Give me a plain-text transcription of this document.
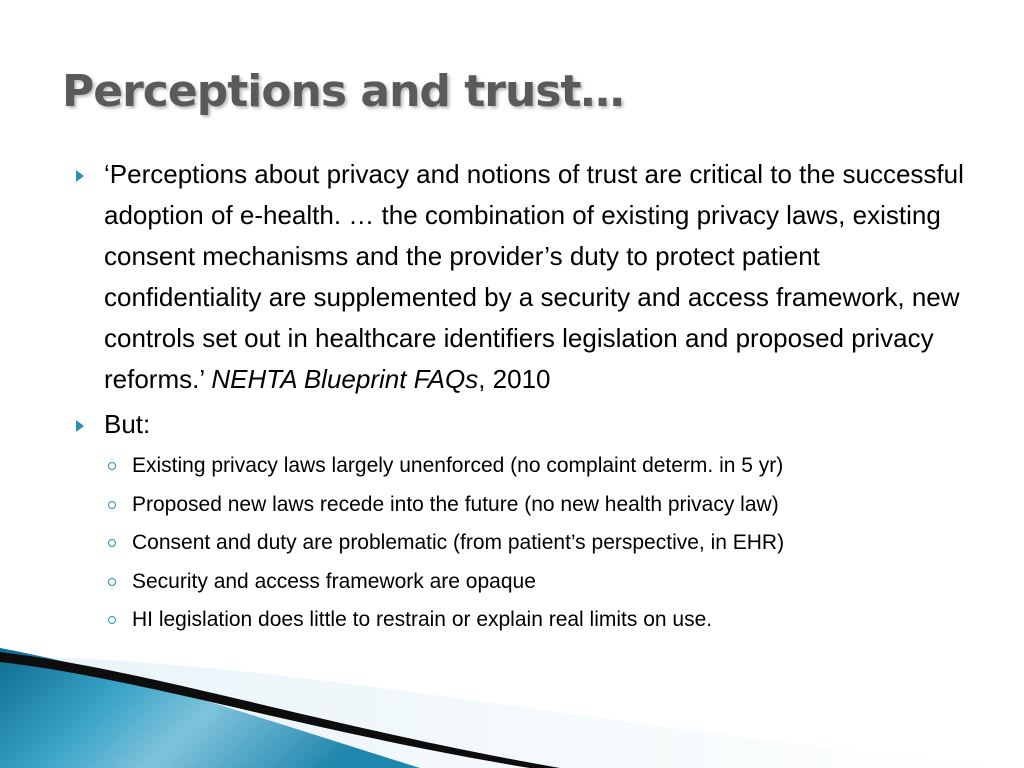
Perceptions and trust…
‘Perceptions about privacy and notions of trust are critical to the successful adoption of e-health. … the combination of existing privacy laws, existing consent mechanisms and the provider’s duty to protect patient confidentiality are supplemented by a security and access framework, new controls set out in healthcare identifiers legislation and proposed privacy reforms.’ NEHTA Blueprint FAQs, 2010
But:
Existing privacy laws largely unenforced (no complaint determ. in 5 yr)
Proposed new laws recede into the future (no new health privacy law)
Consent and duty are problematic (from patient’s perspective, in EHR)
Security and access framework are opaque
HI legislation does little to restrain or explain real limits on use.
